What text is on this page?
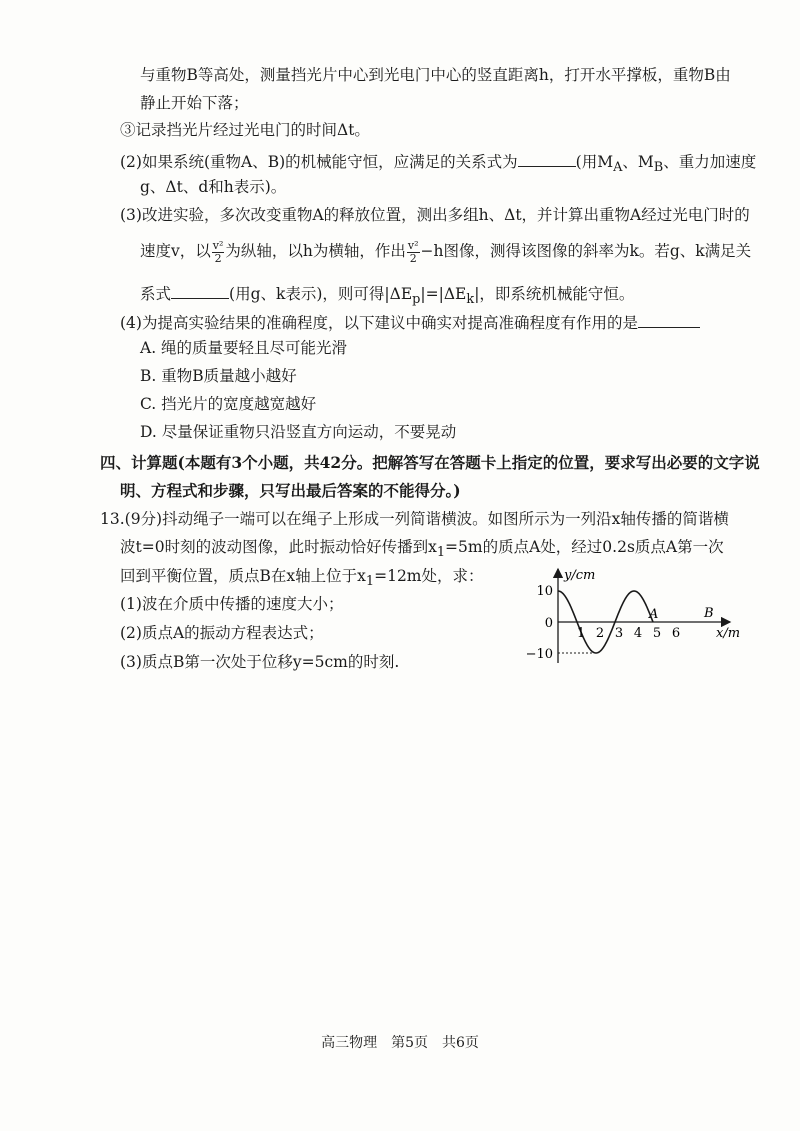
与重物B等高处，测量挡光片中心到光电门中心的竖直距离h，打开水平撑板，重物B由
静止开始下落；
③记录挡光片经过光电门的时间Δt。
(2)如果系统(重物A、B)的机械能守恒，应满足的关系式为	(用$M_A$、$M_B$、重力加速度
g、Δt、d和h表示)。
(3)改进实验，多次改变重物A的释放位置，测出多组h、Δt，并计算出重物A经过光电门时的
速度v，以 $\frac{\text{v²}}{2}$ 为纵轴，以h为横轴，作出 $\frac{\text{v²}}{2} -h$图像，测得该图像的斜率为k。若g、k满足关
系式	(用g、k表示)，则可得$|\Delta E_p|=|\Delta E_k|$，即系统机械能守恒。
(4)为提高实验结果的准确程度，以下建议中确实对提高准确程度有作用的是
A. 绳的质量要轻且尽可能光滑
B. 重物B质量越小越好
C. 挡光片的宽度越宽越好
D. 尽量保证重物只沿竖直方向运动，不要晃动
四、计算题(本题有3个小题，共42分。把解答写在答题卡上指定的位置，要求写出必要的文字说
明、方程式和步骤，只写出最后答案的不能得分。)
13.(9分)抖动绳子一端可以在绳子上形成一列简谐横波。如图所示为一列沿x轴传播的简谐横
波t=0时刻的波动图像，此时振动恰好传播到$x_1=5m$的质点A处，经过0.2s质点A第一次
回到平衡位置，质点B在x轴上位于$x_1=12m$处，求：
(1)波在介质中传播的速度大小；
(2)质点A的振动方程表达式；
(3)质点B第一次处于位移y=5cm的时刻.
y/cm
x/m
10
0
−10
1 2 3 4 5 6
A	B
高三物理　第5页　共6页
